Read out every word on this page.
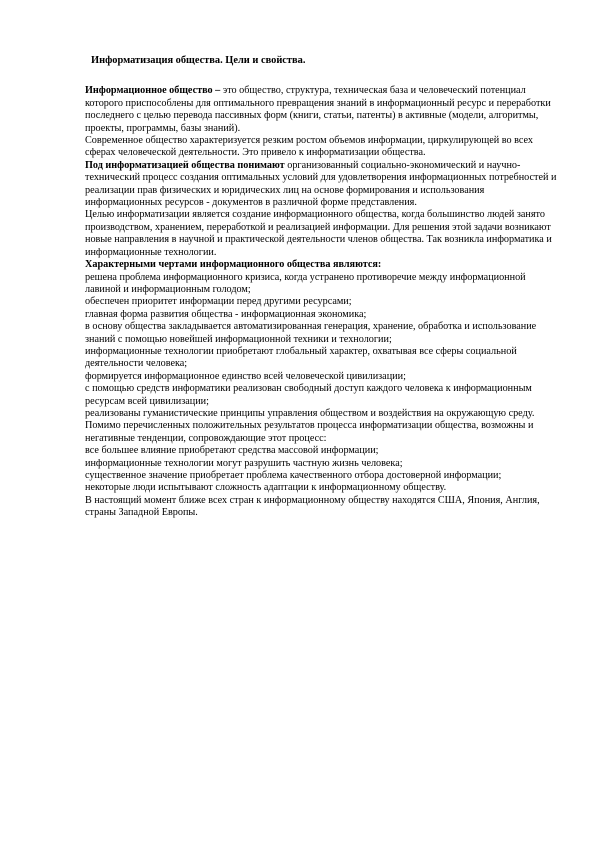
Информатизация общества. Цели и свойства.

Информационное общество – это общество, структура, техническая база и человеческий потенциал которого приспособлены для оптимального превращения знаний в информационный ресурс и переработки последнего с целью перевода пассивных форм (книги, статьи, патенты) в активные (модели, алгоритмы, проекты, программы, базы знаний).

Современное общество характеризуется резким ростом объемов информации, циркулирующей во всех сферах человеческой деятельности. Это привело к информатизации общества.

Под информатизацией общества понимают организованный социально-экономический и научно-технический процесс создания оптимальных условий для удовлетворения информационных потребностей и реализации прав физических и юридических лиц на основе формирования и использования информационных ресурсов - документов в различной форме представления.

Целью информатизации является создание информационного общества, когда большинство людей занято производством, хранением, переработкой и реализацией информации. Для решения этой задачи возникают новые направления в научной и практической деятельности членов общества. Так возникла информатика и информационные технологии.

Характерными чертами информационного общества являются:

решена проблема информационного кризиса, когда устранено противоречие между информационной лавиной и информационным голодом;

обеспечен приоритет информации перед другими ресурсами;

главная форма развития общества - информационная экономика;

в основу общества закладывается автоматизированная генерация, хранение, обработка и использование знаний с помощью новейшей информационной техники и технологии;

информационные технологии приобретают глобальный характер, охватывая все сферы социальной деятельности человека;

формируется информационное единство всей человеческой цивилизации;

с помощью средств информатики реализован свободный доступ каждого человека к информационным ресурсам всей цивилизации;

реализованы гуманистические принципы управления обществом и воздействия на окружающую среду.

Помимо перечисленных положительных результатов процесса информатизации общества, возможны и негативные тенденции, сопровождающие этот процесс:

все большее влияние приобретают средства массовой информации;

информационные технологии могут разрушить частную жизнь человека;

существенное значение приобретает проблема качественного отбора достоверной информации;

некоторые люди испытывают сложность адаптации к информационному обществу.

В настоящий момент ближе всех стран к информационному обществу находятся США, Япония, Англия, страны Западной Европы.
